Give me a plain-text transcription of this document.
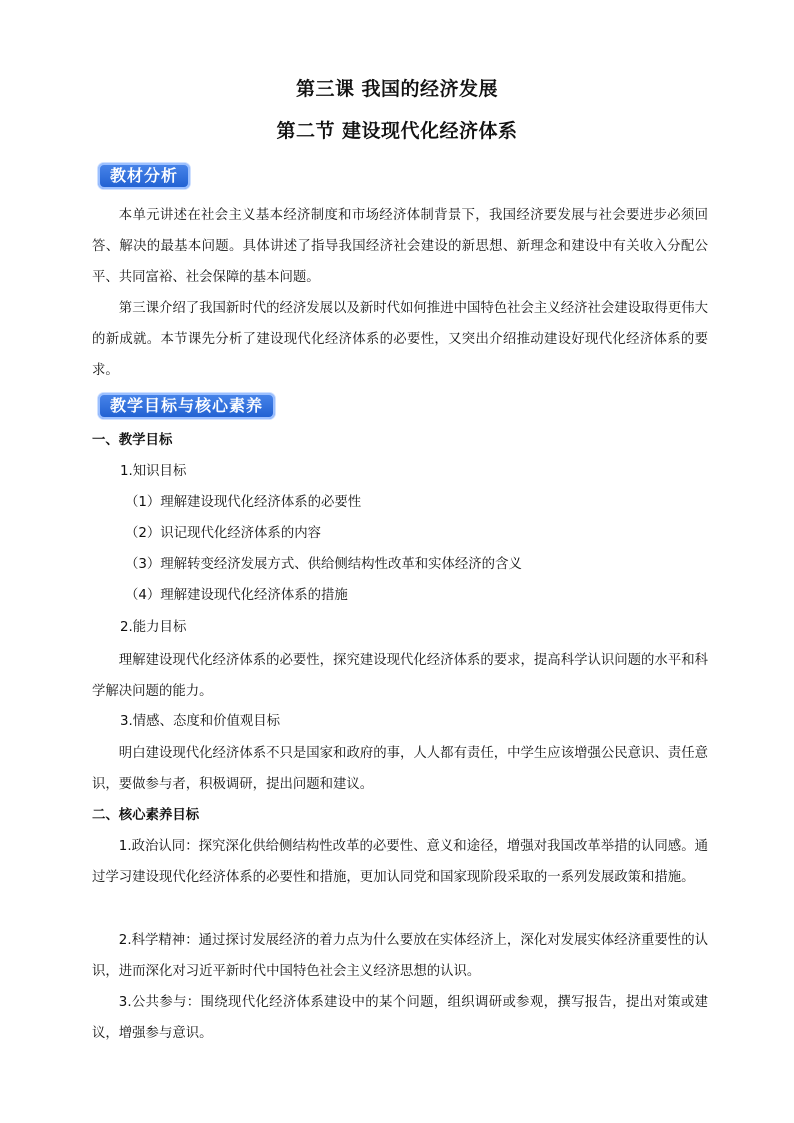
第三课 我国的经济发展
第二节 建设现代化经济体系
教材分析

本单元讲述在社会主义基本经济制度和市场经济体制背景下，我国经济要发展与社会要进步必须回答、解决的最基本问题。具体讲述了指导我国经济社会建设的新思想、新理念和建设中有关收入分配公平、共同富裕、社会保障的基本问题。

第三课介绍了我国新时代的经济发展以及新时代如何推进中国特色社会主义经济社会建设取得更伟大的新成就。本节课先分析了建设现代化经济体系的必要性，又突出介绍推动建设好现代化经济体系的要求。

教学目标与核心素养
一、教学目标
1.知识目标
（1）理解建设现代化经济体系的必要性
（2）识记现代化经济体系的内容
（3）理解转变经济发展方式、供给侧结构性改革和实体经济的含义
（4）理解建设现代化经济体系的措施
2.能力目标

理解建设现代化经济体系的必要性，探究建设现代化经济体系的要求，提高科学认识问题的水平和科学解决问题的能力。

3.情感、态度和价值观目标

明白建设现代化经济体系不只是国家和政府的事，人人都有责任，中学生应该增强公民意识、责任意识，要做参与者，积极调研，提出问题和建议。

二、核心素养目标

1.政治认同：探究深化供给侧结构性改革的必要性、意义和途径，增强对我国改革举措的认同感。通过学习建设现代化经济体系的必要性和措施，更加认同党和国家现阶段采取的一系列发展政策和措施。

2.科学精神：通过探讨发展经济的着力点为什么要放在实体经济上，深化对发展实体经济重要性的认识，进而深化对习近平新时代中国特色社会主义经济思想的认识。

3.公共参与：围绕现代化经济体系建设中的某个问题，组织调研或参观，撰写报告，提出对策或建议，增强参与意识。
